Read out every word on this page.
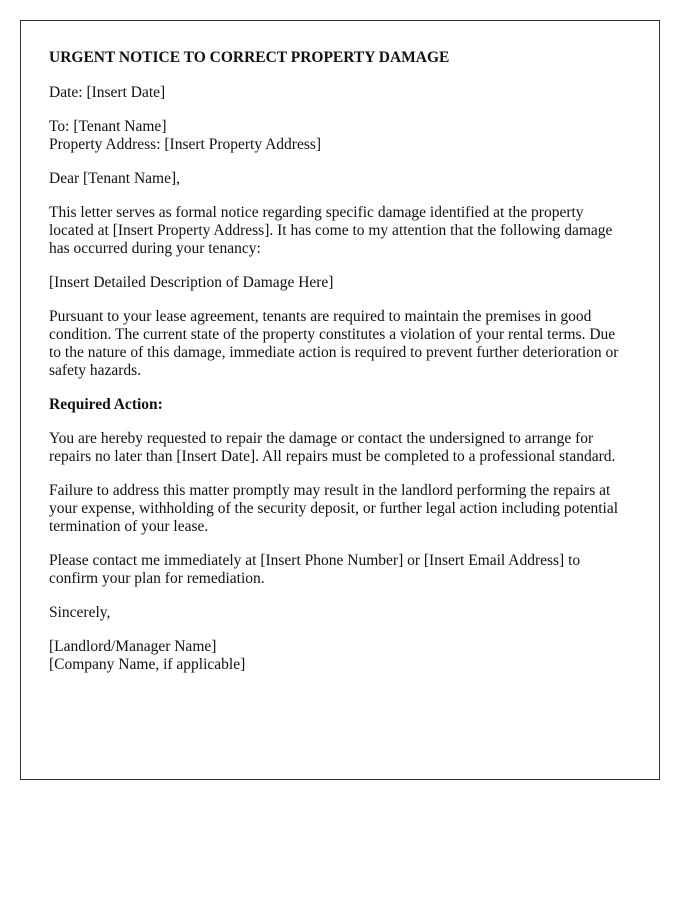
URGENT NOTICE TO CORRECT PROPERTY DAMAGE

Date: [Insert Date]

To: [Tenant Name]
Property Address: [Insert Property Address]

Dear [Tenant Name],

This letter serves as formal notice regarding specific damage identified at the property located at [Insert Property Address]. It has come to my attention that the following damage has occurred during your tenancy:

[Insert Detailed Description of Damage Here]

Pursuant to your lease agreement, tenants are required to maintain the premises in good condition. The current state of the property constitutes a violation of your rental terms. Due to the nature of this damage, immediate action is required to prevent further deterioration or safety hazards.

Required Action:

You are hereby requested to repair the damage or contact the undersigned to arrange for repairs no later than [Insert Date]. All repairs must be completed to a professional standard.

Failure to address this matter promptly may result in the landlord performing the repairs at your expense, withholding of the security deposit, or further legal action including potential termination of your lease.

Please contact me immediately at [Insert Phone Number] or [Insert Email Address] to confirm your plan for remediation.

Sincerely,

[Landlord/Manager Name]
[Company Name, if applicable]
